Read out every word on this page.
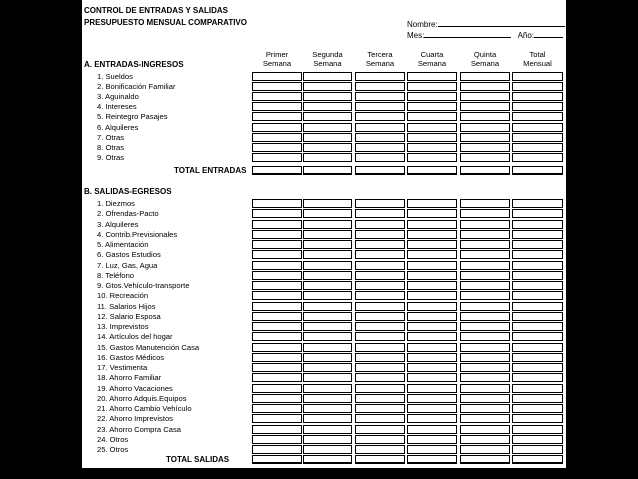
CONTROL DE ENTRADAS Y SALIDAS
PRESUPUESTO MENSUAL COMPARATIVO	Nombre:
Mes:	Año:
Primer
Semana
Segunda
Semana
Tercera
Semana
Cuarta
Semana
Quinta
Semana
Total
Mensual
A. ENTRADAS-INGRESOS
1. Sueldos
2. Bonificación Familiar
3. Aguinaldo
4. Intereses
5. Reintegro Pasajes
6. Alquileres
7. Otras
8. Otras
9. Otras
TOTAL ENTRADAS
B. SALIDAS-EGRESOS
1. Diezmos
2. Ofrendas-Pacto
3. Alquileres
4. Contrib.Previsionales
5. Alimentación
6. Gastos Estudios
7. Luz, Gas, Agua
8. Teléfono
9. Gtos.Vehículo-transporte
10. Recreación
11. Salarios Hijos
12. Salario Esposa
13. Imprevistos
14. Artículos del hogar
15. Gastos Manutención Casa
16. Gastos Médicos
17. Vestimenta
18. Ahorro Familiar
19. Ahorro Vacaciones
20. Ahorro Adquis.Equipos
21. Ahorro Cambio Vehículo
22. Ahorro Imprevistos
23. Ahorro Compra Casa
24. Otros
25. Otros
TOTAL SALIDAS
